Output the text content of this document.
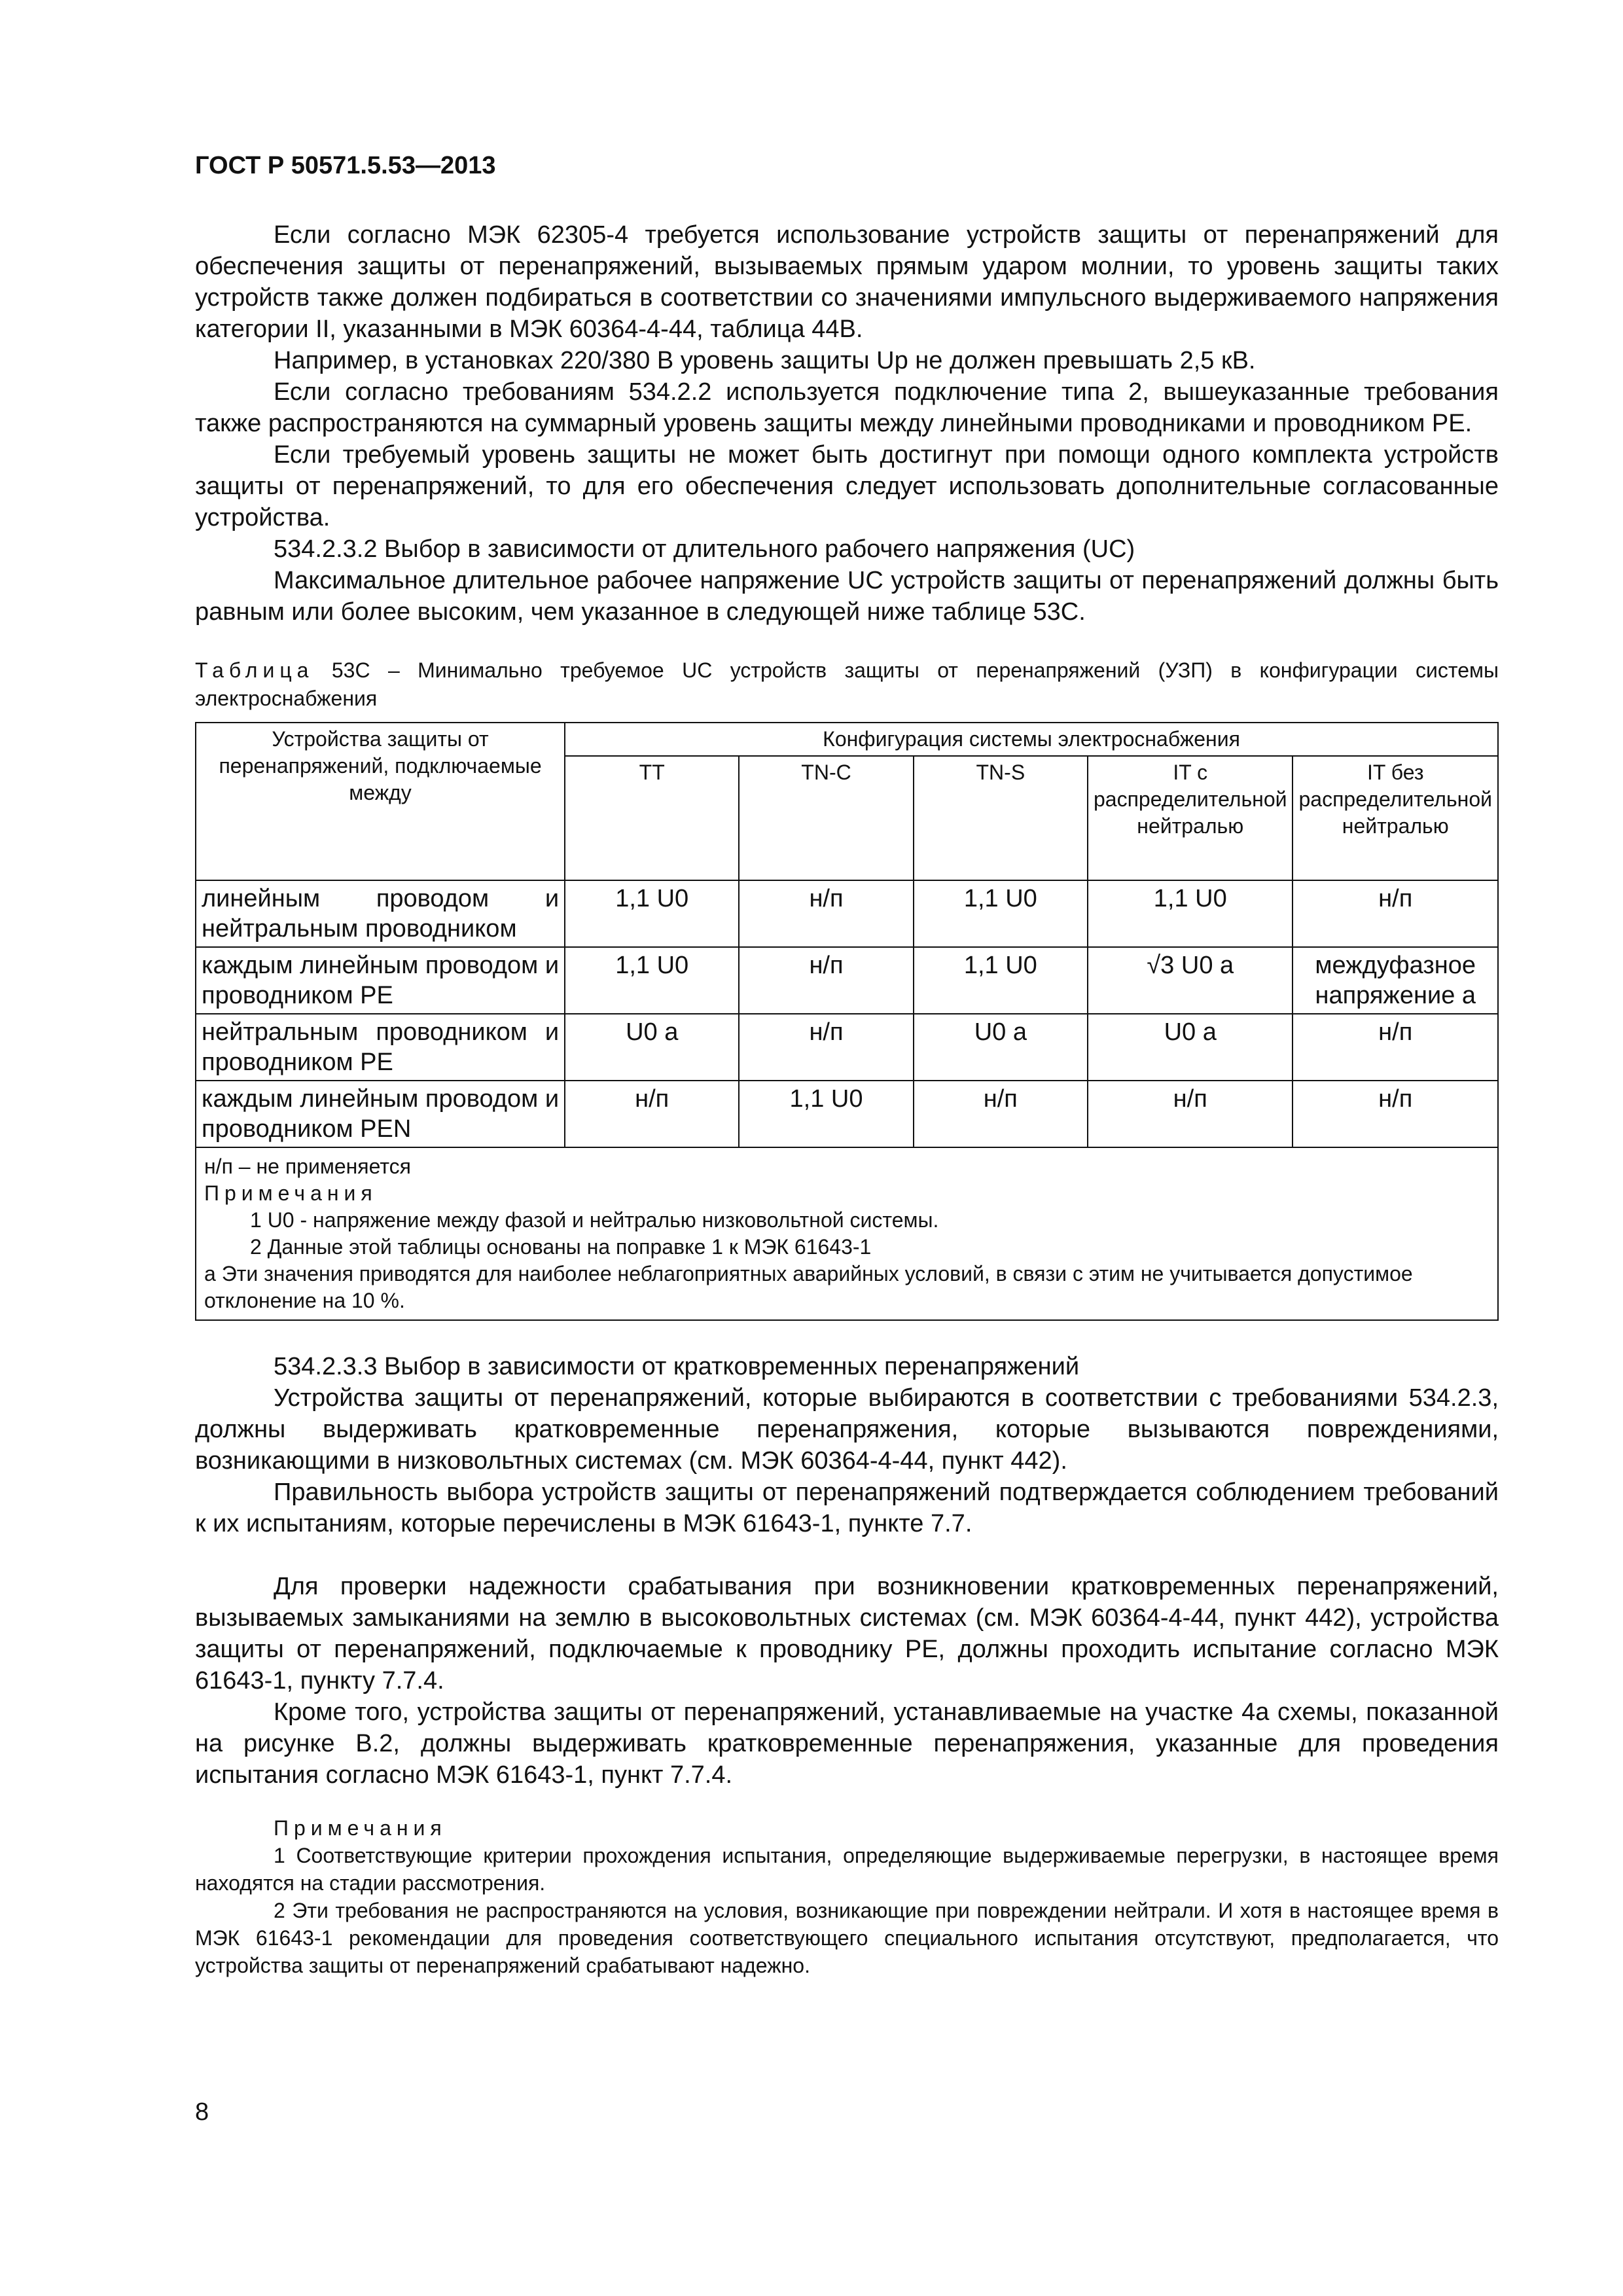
ГОСТ Р 50571.5.53—2013

Если согласно МЭК 62305-4 требуется использование устройств защиты от перенапряжений для обеспечения защиты от перенапряжений, вызываемых прямым ударом молнии, то уровень защиты таких устройств также должен подбираться в соответствии со значениями импульсного выдерживаемого напряжения категории II, указанными в МЭК 60364-4-44, таблица 44В.

Например, в установках 220/380 В уровень защиты Up не должен превышать 2,5 кВ.

Если согласно требованиям 534.2.2 используется подключение типа 2, вышеуказанные требования также распространяются на суммарный уровень защиты между линейными проводниками и проводником PE.

Если требуемый уровень защиты не может быть достигнут при помощи одного комплекта устройств защиты от перенапряжений, то для его обеспечения следует использовать дополнительные согласованные устройства.

534.2.3.2 Выбор в зависимости от длительного рабочего напряжения (UC)

Максимальное длительное рабочее напряжение UC устройств защиты от перенапряжений должны быть равным или более высоким, чем указанное в следующей ниже таблице 53С.

Таблица 53С – Минимально требуемое UC устройств защиты от перенапряжений (УЗП) в конфигурации системы электроснабжения
Устройства защиты от перенапряжений, подключаемые между	Конфигурация системы электроснабжения				
	ТТ	TN-C	TN-S	IT с распределительной нейтралью	IT без распределительной нейтралью
линейным проводом и нейтральным проводником	1,1 U0	н/п	1,1 U0	1,1 U0	н/п
каждым линейным проводом и проводником PE	1,1 U0	н/п	1,1 U0	√3 U0 a	междуфазное напряжение a
нейтральным проводником и проводником PE	U0 a	н/п	U0 a	U0 a	н/п
каждым линейным проводом и проводником PEN	н/п	1,1 U0	н/п	н/п	н/п

н/п – не применяется
Примечания
1 U0 - напряжение между фазой и нейтралью низковольтной системы.
2 Данные этой таблицы основаны на поправке 1 к МЭК 61643-1
a Эти значения приводятся для наиболее неблагоприятных аварийных условий, в связи с этим не учитывается допустимое отклонение на 10 %.					

534.2.3.3 Выбор в зависимости от кратковременных перенапряжений

Устройства защиты от перенапряжений, которые выбираются в соответствии с требованиями 534.2.3, должны выдерживать кратковременные перенапряжения, которые вызываются повреждениями, возникающими в низковольтных системах (см. МЭК 60364-4-44, пункт 442).

Правильность выбора устройств защиты от перенапряжений подтверждается соблюдением требований к их испытаниям, которые перечислены в МЭК 61643-1, пункте 7.7.

Для проверки надежности срабатывания при возникновении кратковременных перенапряжений, вызываемых замыканиями на землю в высоковольтных системах (см. МЭК 60364-4-44, пункт 442), устройства защиты от перенапряжений, подключаемые к проводнику PE, должны проходить испытание согласно МЭК 61643-1, пункту 7.7.4.

Кроме того, устройства защиты от перенапряжений, устанавливаемые на участке 4а схемы, показанной на рисунке В.2, должны выдерживать кратковременные перенапряжения, указанные для проведения испытания согласно МЭК 61643-1, пункт 7.7.4.

Примечания
1 Соответствующие критерии прохождения испытания, определяющие выдерживаемые перегрузки, в настоящее время находятся на стадии рассмотрения.
2 Эти требования не распространяются на условия, возникающие при повреждении нейтрали. И хотя в настоящее время в МЭК 61643-1 рекомендации для проведения соответствующего специального испытания отсутствуют, предполагается, что устройства защиты от перенапряжений срабатывают надежно.
8
